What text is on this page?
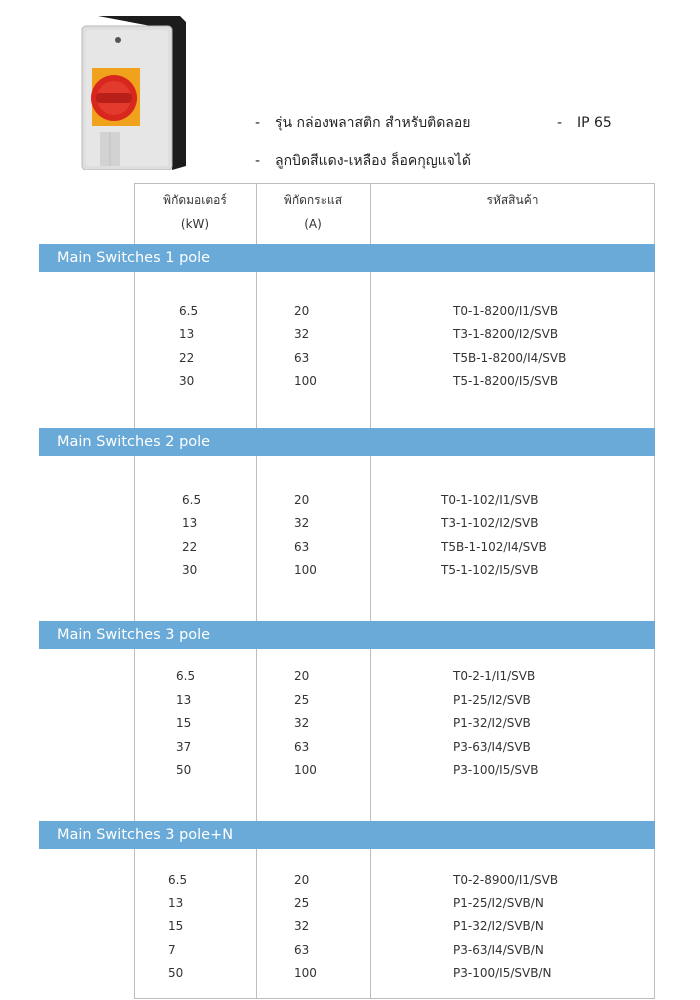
- รุ่น กล่องพลาสติก สำหรับติดลอย
- ลูกบิดสีแดง-เหลือง ล็อคกุญแจได้
- IP 65
พิกัดมอเตอร์
(kW)
พิกัดกระแส
(A)
รหัสสินค้า
Main Switches 1 pole
Main Switches 2 pole
Main Switches 3 pole
Main Switches 3 pole+N
6.5	20	T0-1-8200/I1/SVB
13	32	T3-1-8200/I2/SVB
22	63	T5B-1-8200/I4/SVB
30	100	T5-1-8200/I5/SVB
6.5	20	T0-1-102/I1/SVB
13	32	T3-1-102/I2/SVB
22	63	T5B-1-102/I4/SVB
30	100	T5-1-102/I5/SVB
6.5	20	T0-2-1/I1/SVB
13	25	P1-25/I2/SVB
15	32	P1-32/I2/SVB
37	63	P3-63/I4/SVB
50	100	P3-100/I5/SVB
6.5	20	T0-2-8900/I1/SVB
13	25	P1-25/I2/SVB/N
15	32	P1-32/I2/SVB/N
7	63	P3-63/I4/SVB/N
50	100	P3-100/I5/SVB/N
